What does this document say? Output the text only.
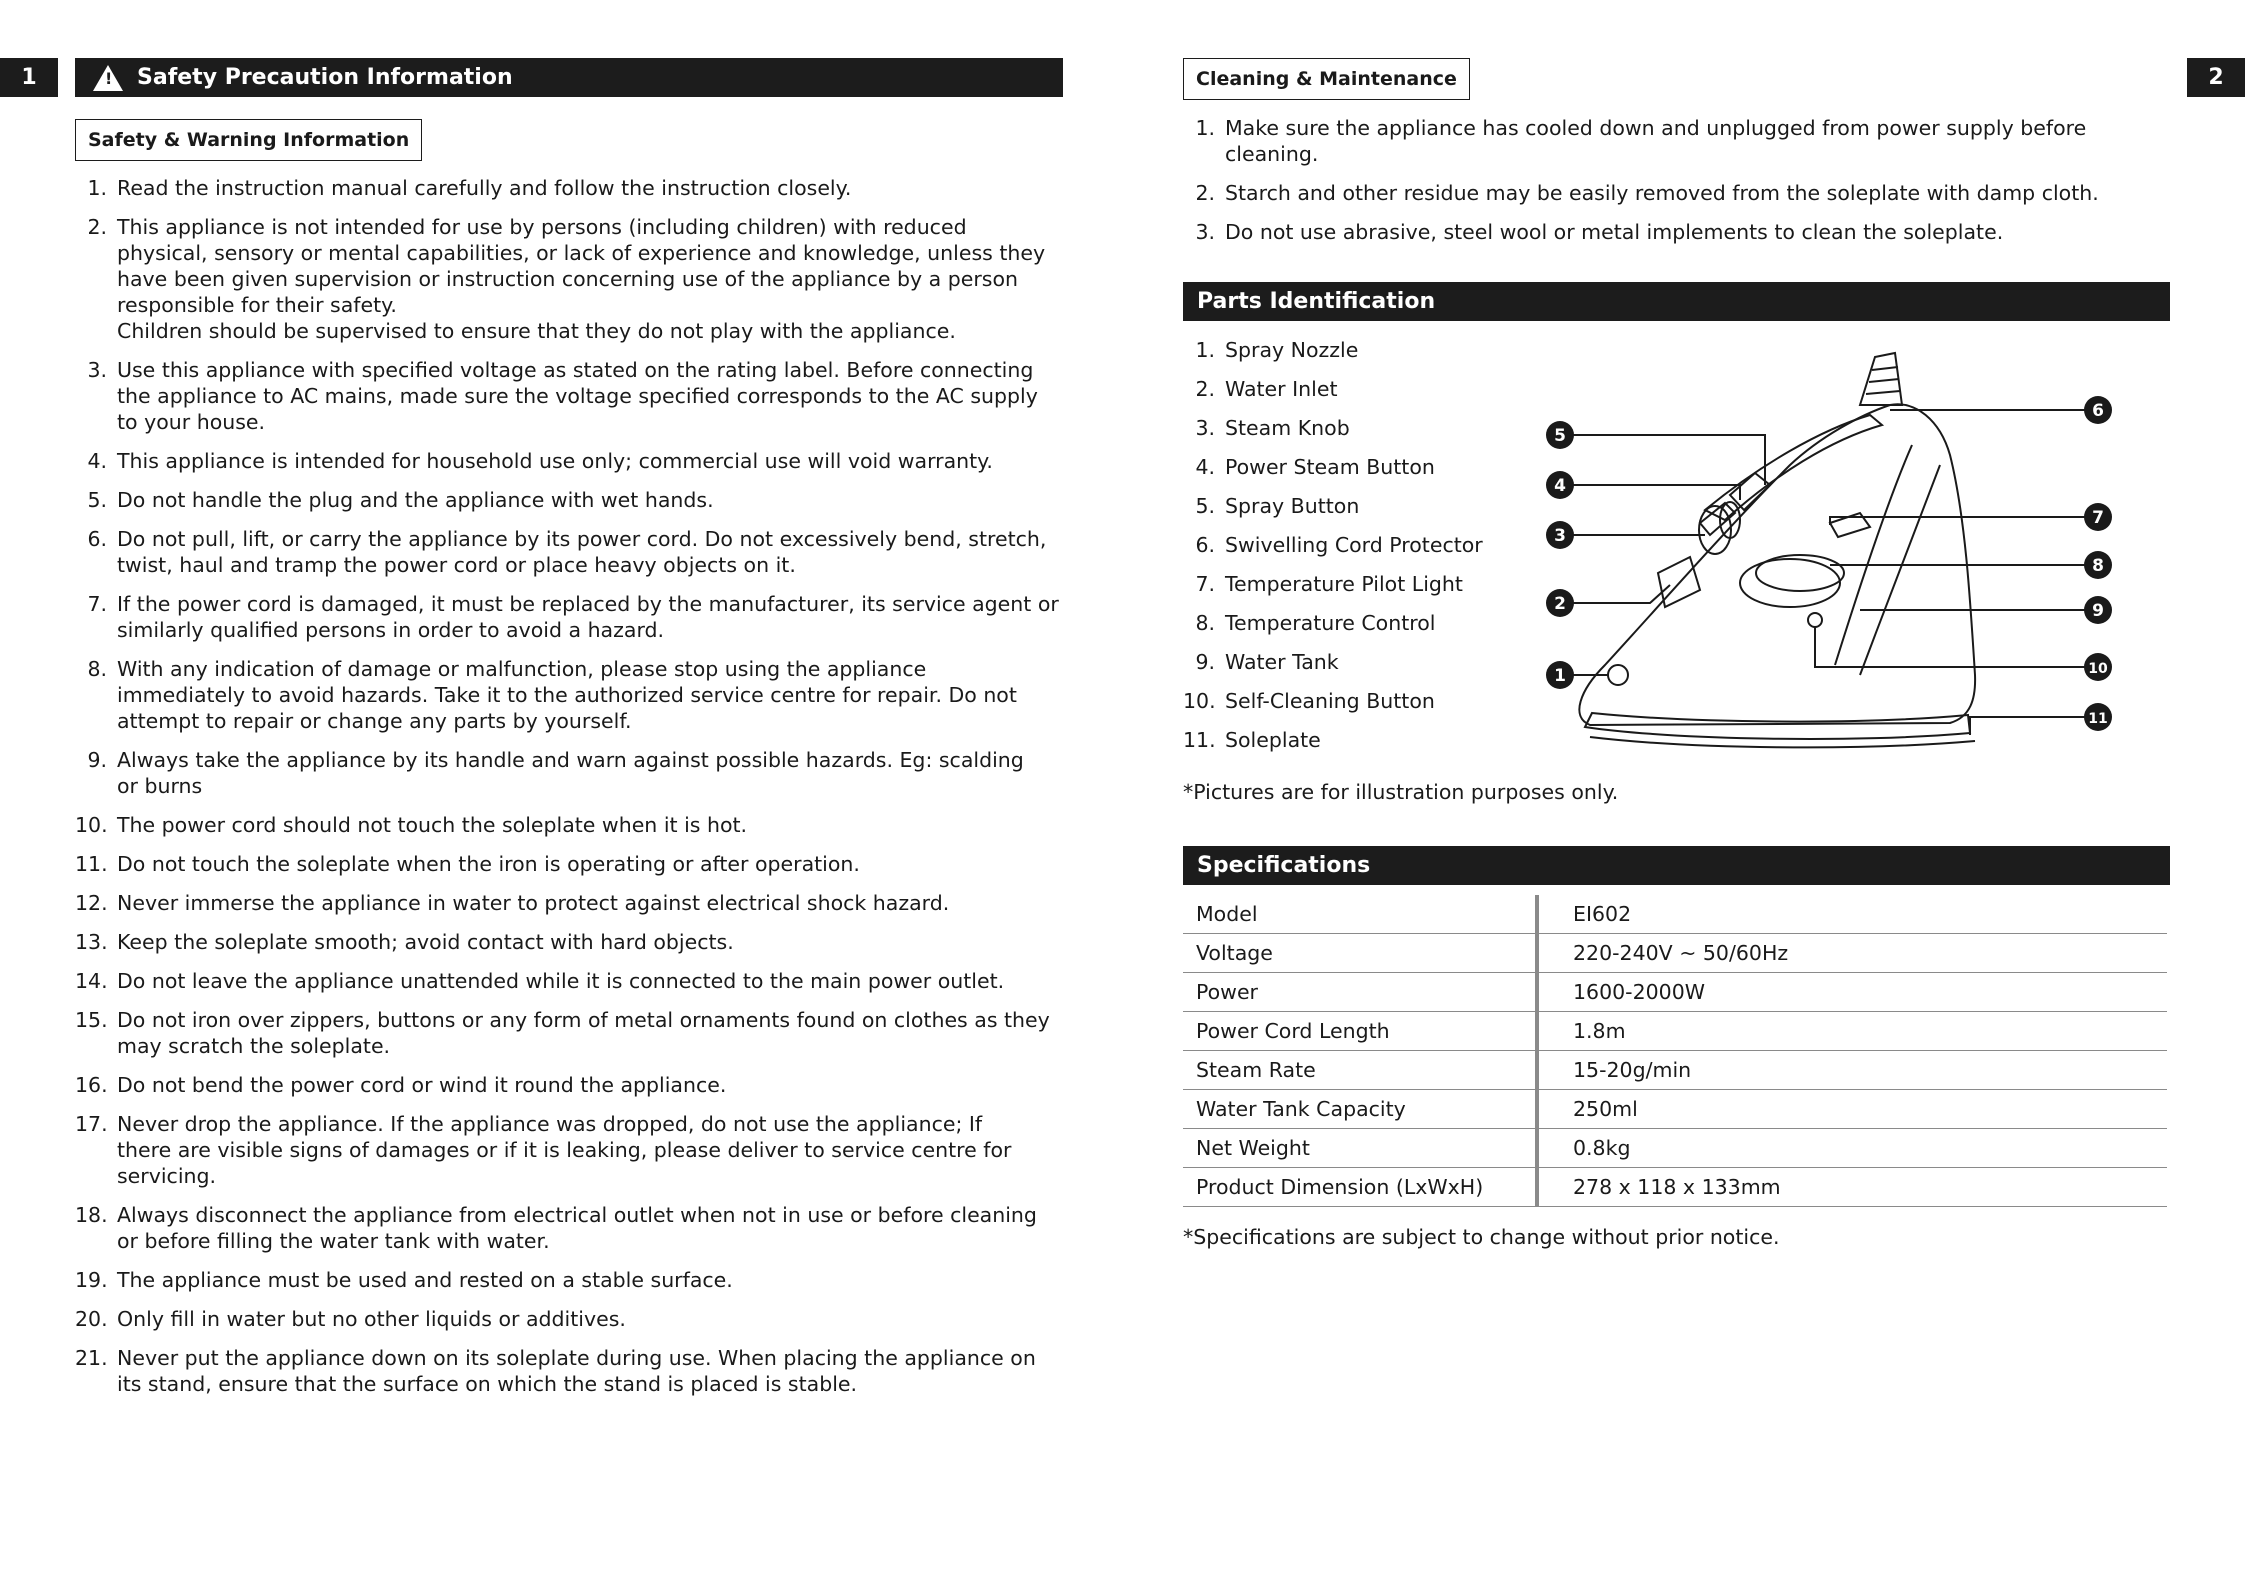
1	! Safety Precaution Information
Safety & Warning Information
1. Read the instruction manual carefully and follow the instruction closely.
2. This appliance is not intended for use by persons (including children) with reduced
physical, sensory or mental capabilities, or lack of experience and knowledge, unless they
have been given supervision or instruction concerning use of the appliance by a person
responsible for their safety.
Children should be supervised to ensure that they do not play with the appliance.
3. Use this appliance with specified voltage as stated on the rating label. Before connecting
the appliance to AC mains, made sure the voltage specified corresponds to the AC supply
to your house.
4. This appliance is intended for household use only; commercial use will void warranty.
5. Do not handle the plug and the appliance with wet hands.
6. Do not pull, lift, or carry the appliance by its power cord. Do not excessively bend, stretch,
twist, haul and tramp the power cord or place heavy objects on it.
7. If the power cord is damaged, it must be replaced by the manufacturer, its service agent or
similarly qualified persons in order to avoid a hazard.
8. With any indication of damage or malfunction, please stop using the appliance
immediately to avoid hazards. Take it to the authorized service centre for repair. Do not
attempt to repair or change any parts by yourself.
9. Always take the appliance by its handle and warn against possible hazards. Eg: scalding
or burns
10. The power cord should not touch the soleplate when it is hot.
11. Do not touch the soleplate when the iron is operating or after operation.
12. Never immerse the appliance in water to protect against electrical shock hazard.
13. Keep the soleplate smooth; avoid contact with hard objects.
14. Do not leave the appliance unattended while it is connected to the main power outlet.
15. Do not iron over zippers, buttons or any form of metal ornaments found on clothes as they
may scratch the soleplate.
16. Do not bend the power cord or wind it round the appliance.
17. Never drop the appliance. If the appliance was dropped, do not use the appliance; If
there are visible signs of damages or if it is leaking, please deliver to service centre for
servicing.
18. Always disconnect the appliance from electrical outlet when not in use or before cleaning
or before filling the water tank with water.
19. The appliance must be used and rested on a stable surface.
20. Only fill in water but no other liquids or additives.
21. Never put the appliance down on its soleplate during use. When placing the appliance on
its stand, ensure that the surface on which the stand is placed is stable.
2
Cleaning & Maintenance
1. Make sure the appliance has cooled down and unplugged from power supply before
cleaning.
2. Starch and other residue may be easily removed from the soleplate with damp cloth.
3. Do not use abrasive, steel wool or metal implements to clean the soleplate.
Parts Identification
1. Spray Nozzle
2. Water Inlet
3. Steam Knob
4. Power Steam Button
5. Spray Button
6. Swivelling Cord Protector
7. Temperature Pilot Light
8. Temperature Control
9. Water Tank
10. Self-Cleaning Button
11. Soleplate
1
2
3
4
5
6
7
8
9
10
11
*Pictures are for illustration purposes only.
Specifications
Model	EI602
Voltage	220-240V ~ 50/60Hz
Power	1600-2000W
Power Cord Length	1.8m
Steam Rate	15-20g/min
Water Tank Capacity	250ml
Net Weight	0.8kg
Product Dimension (LxWxH)	278 x 118 x 133mm
*Specifications are subject to change without prior notice.
